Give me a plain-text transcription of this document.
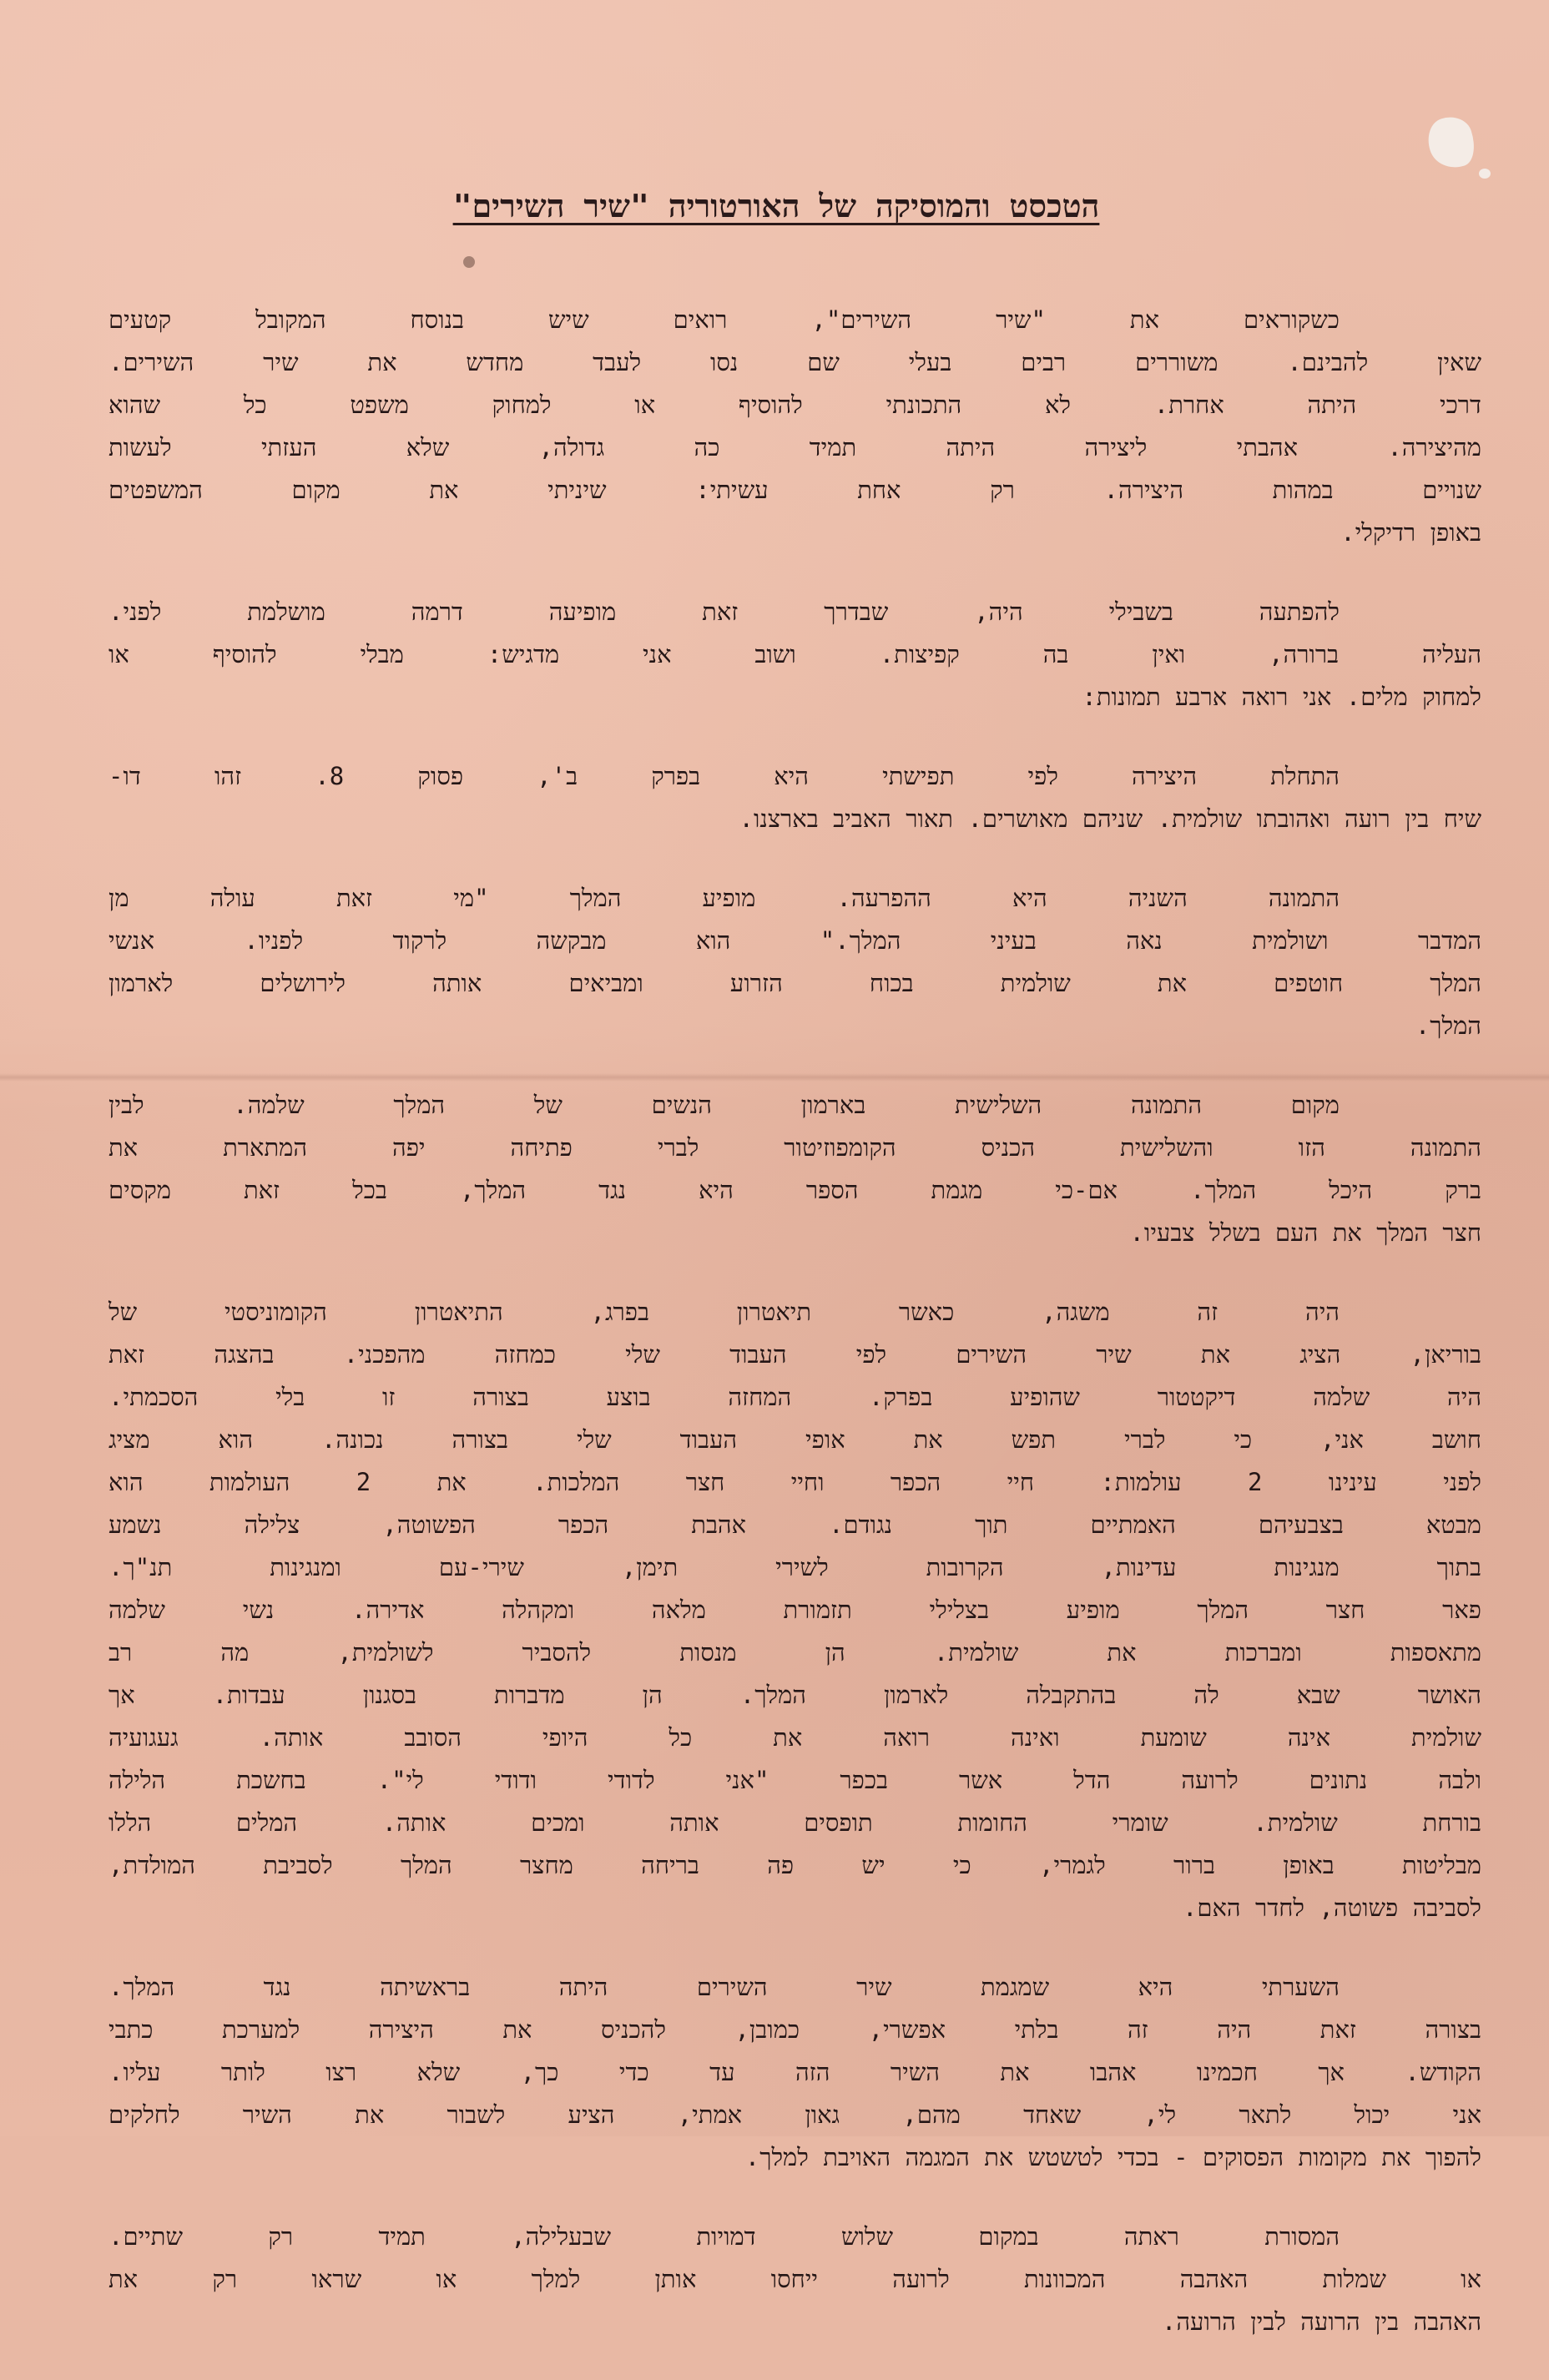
הטכסט והמוסיקה של האורטוריה "שיר השירים"
כשקוראים את "שיר השירים", רואים שיש בנוסח המקובל קטעים
שאין להבינם. משוררים רבים בעלי שם נסו לעבד מחדש את שיר השירים.
דרכי היתה אחרת. לא התכונתי להוסיף או למחוק משפט כל שהוא
מהיצירה. אהבתי ליצירה היתה תמיד כה גדולה, שלא העזתי לעשות
שנויים במהות היצירה. רק אחת עשיתי: שיניתי את מקום המשפטים
באופן רדיקלי.
להפתעה בשבילי היה, שבדרך זאת מופיעה דרמה מושלמת לפני.
העליה ברורה, ואין בה קפיצות. ושוב אני מדגיש: מבלי להוסיף או
למחוק מלים. אני רואה ארבע תמונות:
התחלת היצירה לפי תפישתי היא בפרק ב', פסוק 8. זהו דו-
שיח בין רועה ואהובתו שולמית. שניהם מאושרים. תאור האביב בארצנו.
התמונה השניה היא ההפרעה. מופיע המלך "מי זאת עולה מן
המדבר ושולמית נאה בעיני המלך." הוא מבקשה לרקוד לפניו. אנשי
המלך חוטפים את שולמית בכוח הזרוע ומביאים אותה לירושלים לארמון
המלך.
מקום התמונה השלישית בארמון הנשים של המלך שלמה. לבין
התמונה הזו והשלישית הכניס הקומפוזיטור לברי פתיחה יפה המתארת את
ברק היכל המלך. אם-כי מגמת הספר היא נגד המלך, בכל זאת מקסים
חצר המלך את העם בשלל צבעיו.
היה זה משגה, כאשר תיאטרון בפרג, התיאטרון הקומוניסטי של
בוריאן, הציג את שיר השירים לפי העבוד שלי כמחזה מהפכני. בהצגה זאת
היה שלמה דיקטטור שהופיע בפרק. המחזה בוצע בצורה זו בלי הסכמתי.
חושב אני, כי לברי תפש את אופי העבוד שלי בצורה נכונה. הוא מציג
לפני עינינו 2 עולמות: חיי הכפר וחיי חצר המלכות. את 2 העולמות הוא
מבטא בצבעיהם האמתיים תוך נגודם. אהבת הכפר הפשוטה, צלילה נשמע
בתוך מנגינות עדינות, הקרובות לשירי תימן, שירי-עם ומנגינות תנ"ך.
פאר חצר המלך מופיע בצלילי תזמורת מלאה ומקהלה אדירה. נשי שלמה
מתאספות ומברכות את שולמית. הן מנסות להסביר לשולמית, מה רב
האושר שבא לה בהתקבלה לארמון המלך. הן מדברות בסגנון עבדות. אך
שולמית אינה שומעת ואינה רואה את כל היופי הסובב אותה. געגועיה
ולבה נתונים לרועה הדל אשר בכפר "אני לדודי ודודי לי". בחשכת הלילה
בורחת שולמית. שומרי החומות תופסים אותה ומכים אותה. המלים הללו
מבליטות באופן ברור לגמרי, כי יש פה בריחה מחצר המלך לסביבת המולדת,
לסביבה פשוטה, לחדר האם.
השערתי היא שמגמת שיר השירים היתה בראשיתה נגד המלך.
בצורה זאת היה זה בלתי אפשרי, כמובן, להכניס את היצירה למערכת כתבי
הקודש. אך חכמינו אהבו את השיר הזה עד כדי כך, שלא רצו לותר עליו.
אני יכול לתאר לי, שאחד מהם, גאון אמתי, הציע לשבור את השיר לחלקים
להפוך את מקומות הפסוקים - בכדי לטשטש את המגמה האויבת למלך.
המסורת ראתה במקום שלוש דמויות שבעלילה, תמיד רק שתיים.
או שמלות האהבה המכוונות לרועה ייחסו אותן למלך או שראו רק את
האהבה בין הרועה לבין הרועה.
